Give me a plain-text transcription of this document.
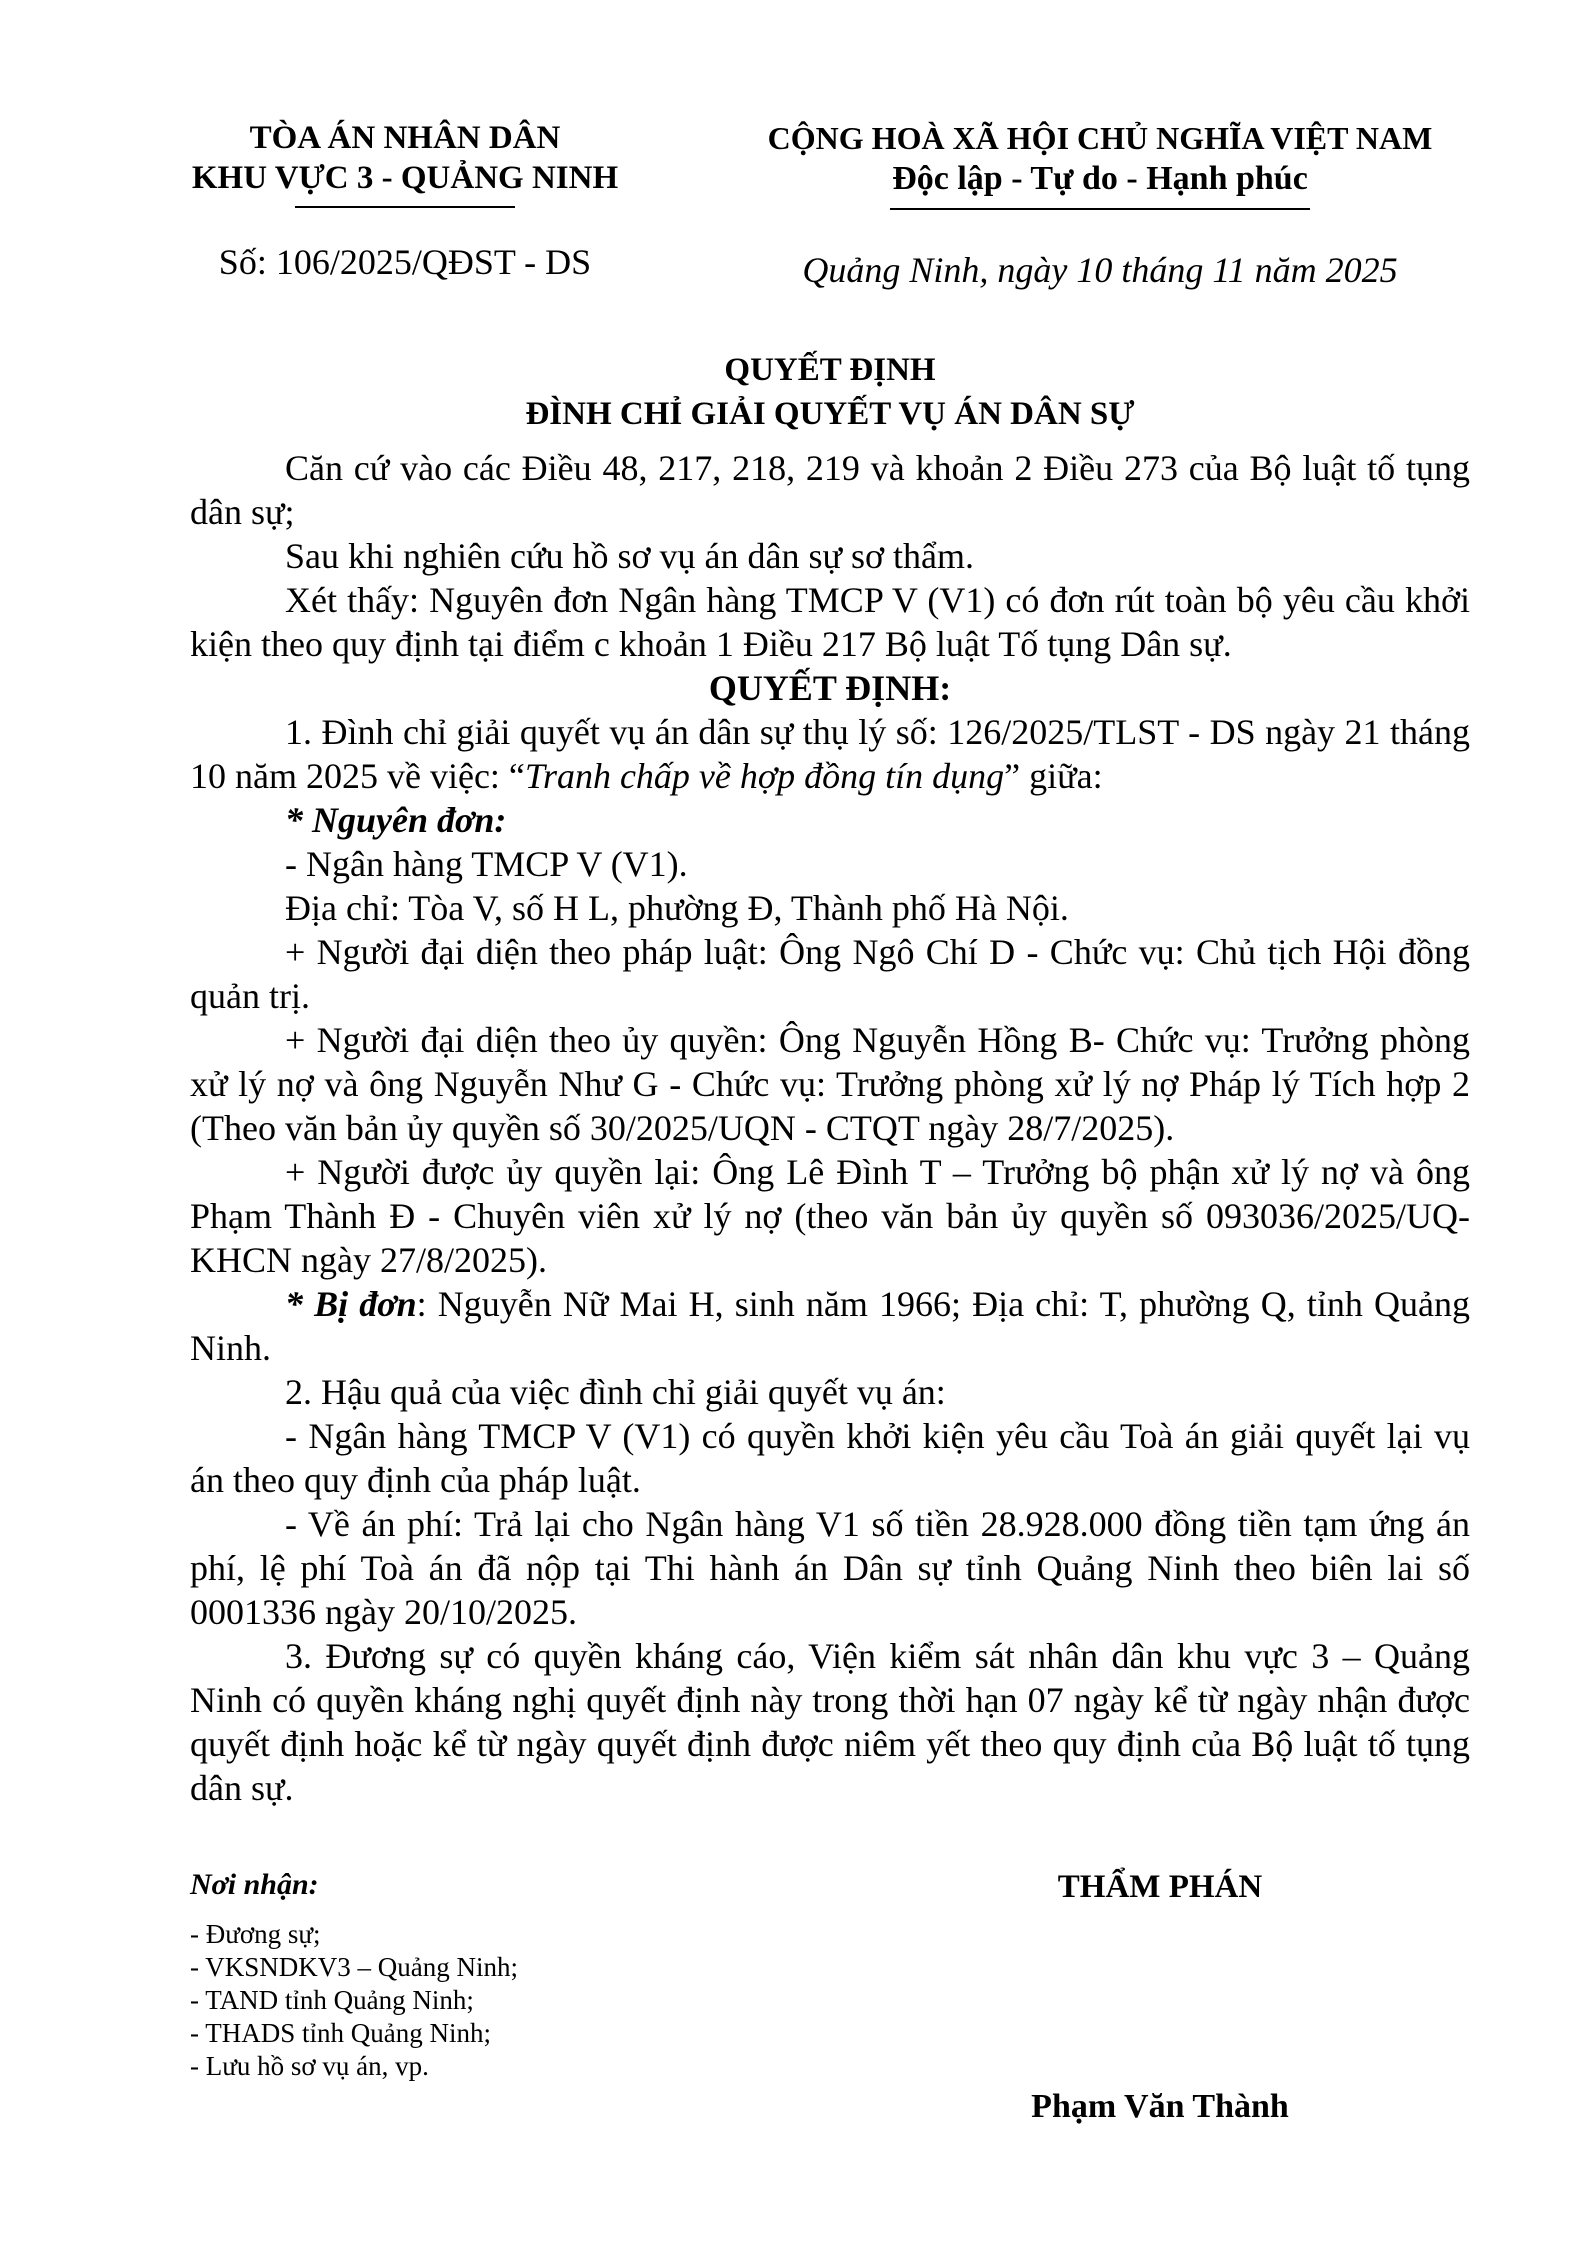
TÒA ÁN NHÂN DÂN
KHU VỰC 3 - QUẢNG NINH
CỘNG HOÀ XÃ HỘI CHỦ NGHĨA VIỆT NAM
Độc lập - Tự do - Hạnh phúc
Số: 106/2025/QĐST - DS	Quảng Ninh, ngày 10 tháng 11 năm 2025
QUYẾT ĐỊNH
ĐÌNH CHỈ GIẢI QUYẾT VỤ ÁN DÂN SỰ

Căn cứ vào các Điều 48, 217, 218, 219 và khoản 2 Điều 273 của Bộ luật tố tụng dân sự;

Sau khi nghiên cứu hồ sơ vụ án dân sự sơ thẩm.

Xét thấy: Nguyên đơn Ngân hàng TMCP V (V1) có đơn rút toàn bộ yêu cầu khởi kiện theo quy định tại điểm c khoản 1 Điều 217 Bộ luật Tố tụng Dân sự.

QUYẾT ĐỊNH:

1. Đình chỉ giải quyết vụ án dân sự thụ lý số: 126/2025/TLST - DS ngày 21 tháng 10 năm 2025 về việc: “Tranh chấp về hợp đồng tín dụng” giữa:

* Nguyên đơn:

- Ngân hàng TMCP V (V1).

Địa chỉ: Tòa V, số H L, phường Đ, Thành phố Hà Nội.

+ Người đại diện theo pháp luật: Ông Ngô Chí D - Chức vụ: Chủ tịch Hội đồng quản trị.

+ Người đại diện theo ủy quyền: Ông Nguyễn Hồng B- Chức vụ: Trưởng phòng xử lý nợ và ông Nguyễn Như G - Chức vụ: Trưởng phòng xử lý nợ Pháp lý Tích hợp 2 (Theo văn bản ủy quyền số 30/2025/UQN - CTQT ngày 28/7/2025).

+ Người được ủy quyền lại: Ông Lê Đình T – Trưởng bộ phận xử lý nợ và ông Phạm Thành Đ - Chuyên viên xử lý nợ (theo văn bản ủy quyền số 093036/2025/UQ-KHCN ngày 27/8/2025).

* Bị đơn: Nguyễn Nữ Mai H, sinh năm 1966; Địa chỉ: T, phường Q, tỉnh Quảng Ninh.

2. Hậu quả của việc đình chỉ giải quyết vụ án:

- Ngân hàng TMCP V (V1) có quyền khởi kiện yêu cầu Toà án giải quyết lại vụ án theo quy định của pháp luật.

- Về án phí: Trả lại cho Ngân hàng V1 số tiền 28.928.000 đồng tiền tạm ứng án phí, lệ phí Toà án đã nộp tại Thi hành án Dân sự tỉnh Quảng Ninh theo biên lai số 0001336 ngày 20/10/2025.

3. Đương sự có quyền kháng cáo, Viện kiểm sát nhân dân khu vực 3 – Quảng Ninh có quyền kháng nghị quyết định này trong thời hạn 07 ngày kể từ ngày nhận được quyết định hoặc kể từ ngày quyết định được niêm yết theo quy định của Bộ luật tố tụng dân sự.

Nơi nhận:

- Đương sự;

- VKSNDKV3 – Quảng Ninh;

- TAND tỉnh Quảng Ninh;

- THADS tỉnh Quảng Ninh;

- Lưu hồ sơ vụ án, vp.

THẨM PHÁN
Phạm Văn Thành
